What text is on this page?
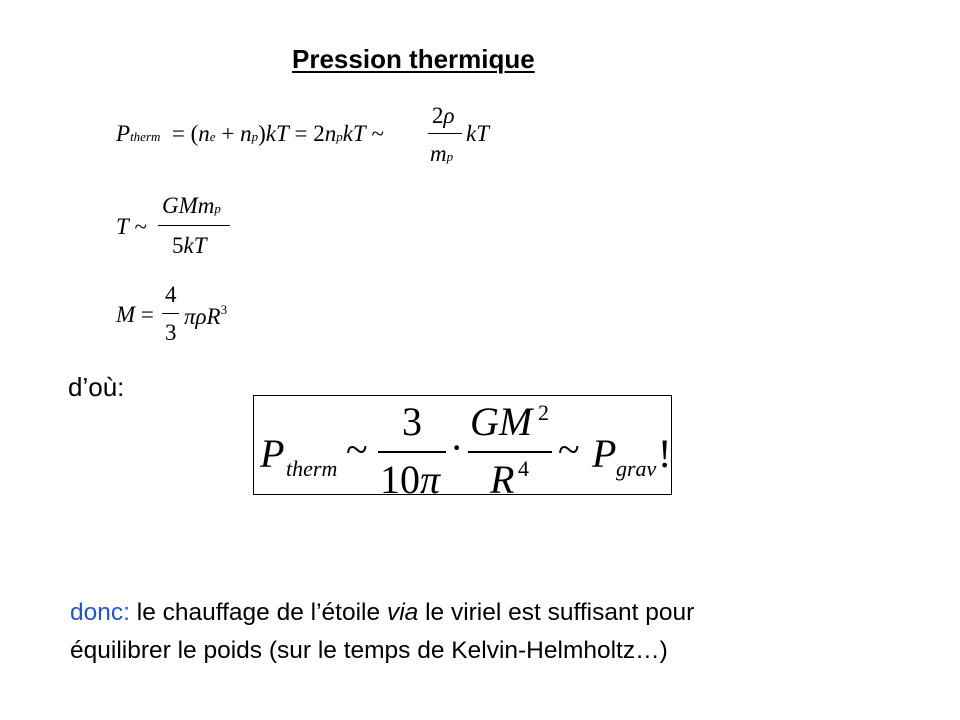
Pression thermique
Ptherm  = (ne + np)kT = 2npkT ~
2ρ
mp
kT
T ~
GMmp
5kT
M =
4
3
πρR$^3$
d’où:
P therm ~
3
10π
·
GM 2
R 4 ~ P grav !
donc: le chauffage de l’étoile via le viriel est suffisant pour
équilibrer le poids (sur le temps de Kelvin-Helmholtz…)
